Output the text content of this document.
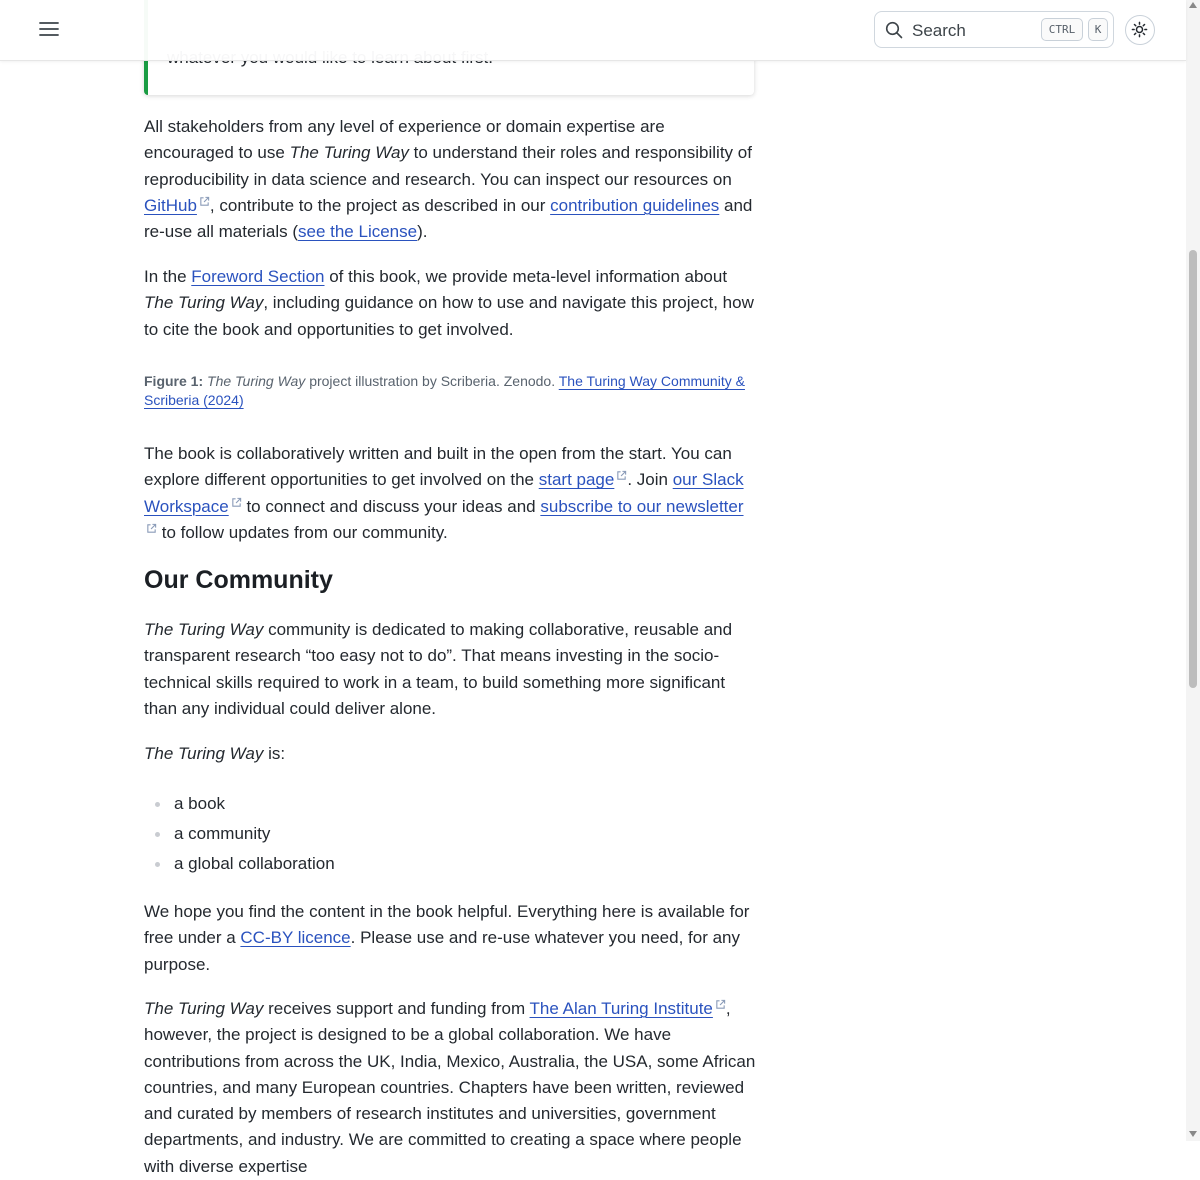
All stakeholders from any level of experience or domain expertise are encouraged to use The Turing Way to understand their roles and responsibility of reproducibility in data science and research. You can inspect our resources on GitHub , contribute to the project as described in our contribution guidelines and re-use all materials (see the License).

In the Foreword Section of this book, we provide meta-level information about The Turing Way, including guidance on how to use and navigate this project, how to cite the book and opportunities to get involved.

Figure 1: The Turing Way project illustration by Scriberia. Zenodo. The Turing Way Community & Scriberia (2024)

The book is collaboratively written and built in the open from the start. You can explore different opportunities to get involved on the start page . Join our Slack Workspace to connect and discuss your ideas and subscribe to our newsletter to follow updates from our community.

Our Community

The Turing Way community is dedicated to making collaborative, reusable and transparent research “too easy not to do”. That means investing in the socio-technical skills required to work in a team, to build something more significant than any individual could deliver alone.

The Turing Way is:

a book
a community
a global collaboration

We hope you find the content in the book helpful. Everything here is available for free under a CC-BY licence. Please use and re-use whatever you need, for any purpose.

The Turing Way receives support and funding from The Alan Turing Institute , however, the project is designed to be a global collaboration. We have contributions from across the UK, India, Mexico, Australia, the USA, some African countries, and many European countries. Chapters have been written, reviewed and curated by members of research institutes and universities, government departments, and industry. We are committed to creating a space where people with diverse expertise

Search	CTRL	K
